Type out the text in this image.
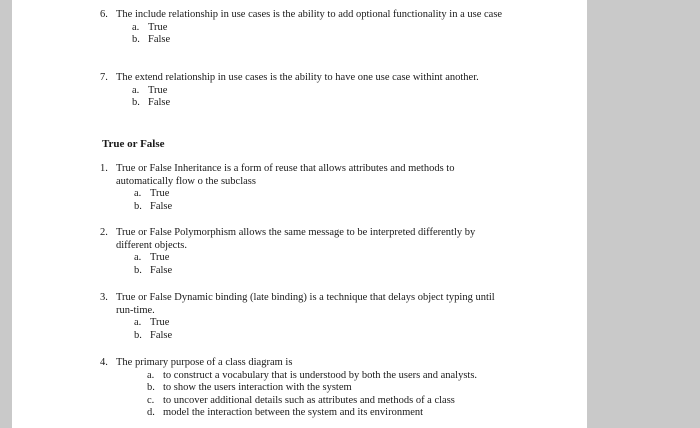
6. The include relationship in use cases is the ability to add optional functionality in a use case
a. True
b. False
7. The extend relationship in use cases is the ability to have one use case withint another.
a. True
b. False
True or False
1. True or False Inheritance is a form of reuse that allows attributes and methods to automatically flow o the subclass
a. True
b. False
2. True or False Polymorphism allows the same message to be interpreted differently by different objects.
a. True
b. False
3. True or False Dynamic binding (late binding) is a technique that delays object typing until run-time.
a. True
b. False
4. The primary purpose of a class diagram is
a. to construct a vocabulary that is understood by both the users and analysts.
b. to show the users interaction with the system
c. to uncover additional details such as attributes and methods of a class
d. model the interaction between the system and its environment
